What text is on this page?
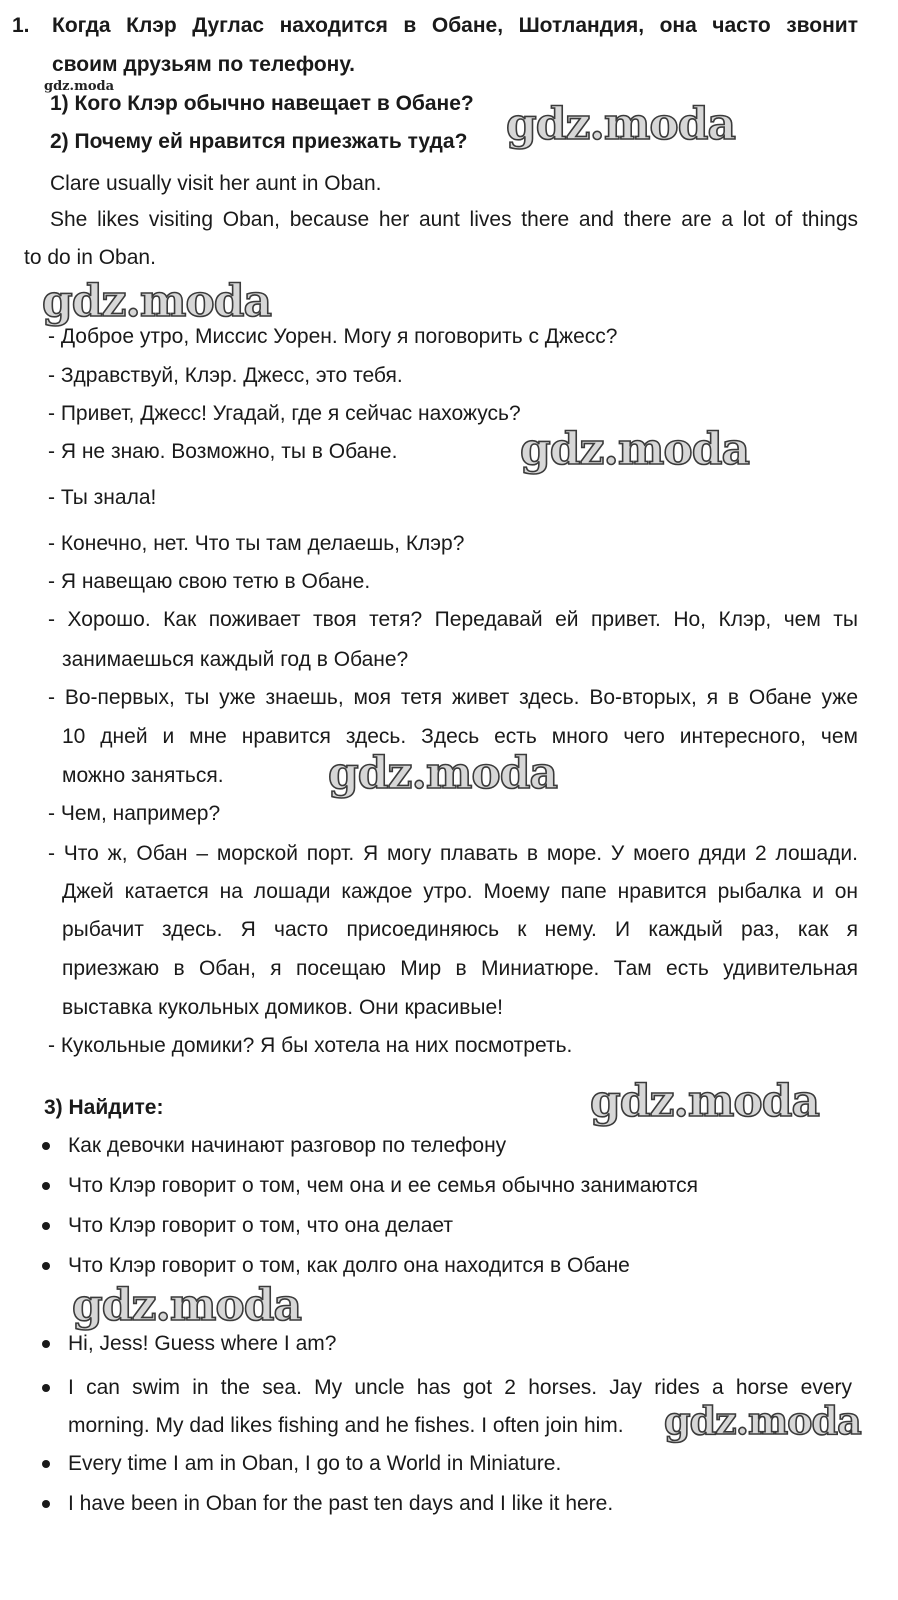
1. Когда Клэр Дуглас находится в Обане, Шотландия, она часто звонит
своим друзьям по телефону.
gdz.moda
1) Кого Клэр обычно навещает в Обане?
2) Почему ей нравится приезжать туда? gdz.moda
Clare usually visit her aunt in Oban.
She likes visiting Oban, because her aunt lives there and there are a lot of things
to do in Oban.
gdz.moda
- Доброе утро, Миссис Уорен. Могу я поговорить с Джесс?
- Здравствуй, Клэр. Джесс, это тебя.
- Привет, Джесс! Угадай, где я сейчас нахожусь?
- Я не знаю. Возможно, ты в Обане.	gdz.moda
- Ты знала!
- Конечно, нет. Что ты там делаешь, Клэр?
- Я навещаю свою тетю в Обане.
- Хорошо. Как поживает твоя тетя? Передавай ей привет. Но, Клэр, чем ты
занимаешься каждый год в Обане?
- Во-первых, ты уже знаешь, моя тетя живет здесь. Во-вторых, я в Обане уже
10 дней и мне нравится здесь. Здесь есть много чего интересного, чем
можно заняться. gdz.moda
- Чем, например?
- Что ж, Обан – морской порт. Я могу плавать в море. У моего дяди 2 лошади.
Джей катается на лошади каждое утро. Моему папе нравится рыбалка и он
рыбачит здесь. Я часто присоединяюсь к нему. И каждый раз, как я
приезжаю в Обан, я посещаю Мир в Миниатюре. Там есть удивительная
выставка кукольных домиков. Они красивые!
- Кукольные домики? Я бы хотела на них посмотреть.
3) Найдите:	gdz.moda
Как девочки начинают разговор по телефону
Что Клэр говорит о том, чем она и ее семья обычно занимаются
Что Клэр говорит о том, что она делает
Что Клэр говорит о том, как долго она находится в Обане
gdz.moda
Hi, Jess! Guess where I am?
I can swim in the sea. My uncle has got 2 horses. Jay rides a horse every
morning. My dad likes fishing and he fishes. I often join him. gdz.moda
Every time I am in Oban, I go to a World in Miniature.
I have been in Oban for the past ten days and I like it here.
